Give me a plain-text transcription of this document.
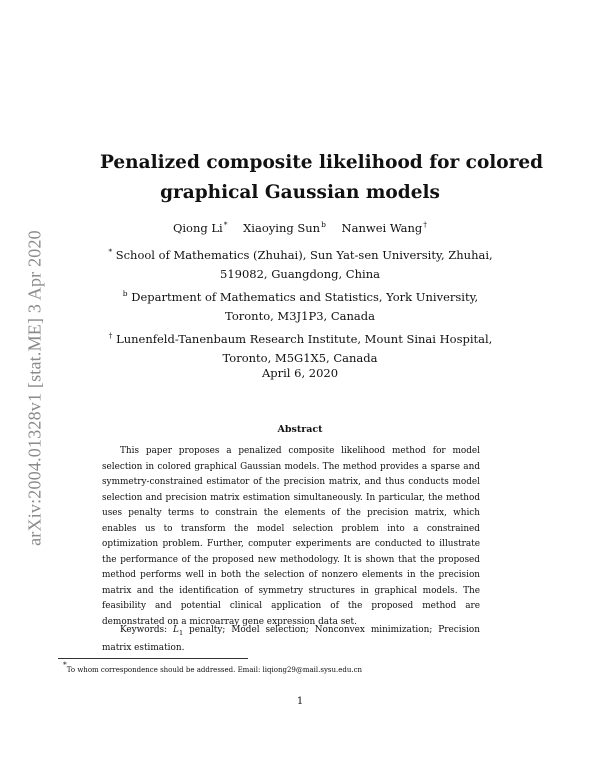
arXiv:2004.01328v1 [stat.ME] 3 Apr 2020
Penalized composite likelihood for colored
graphical Gaussian models
Qiong Li* Xiaoying Sun$^b$ Nanwei Wang†
* School of Mathematics (Zhuhai), Sun Yat-sen University, Zhuhai,
519082, Guangdong, China
$^b$ Department of Mathematics and Statistics, York University,
Toronto, M3J1P3, Canada
† Lunenfeld-Tanenbaum Research Institute, Mount Sinai Hospital,
Toronto, M5G1X5, Canada
April 6, 2020
Abstract

This paper proposes a penalized composite likelihood method for model selection in colored graphical Gaussian models. The method provides a sparse and symmetry-constrained estimator of the precision matrix, and thus conducts model selection and precision matrix estimation simultaneously. In particular, the method uses penalty terms to constrain the elements of the precision matrix, which enables us to transform the model selection problem into a constrained optimization problem. Further, computer experiments are conducted to illustrate the performance of the proposed new methodology. It is shown that the proposed method performs well in both the selection of nonzero elements in the precision matrix and the identification of symmetry structures in graphical models. The feasibility and potential clinical application of the proposed method are demonstrated on a microarray gene expression data set.

Keywords: $L_1$ penalty; Model selection; Nonconvex minimization; Precision matrix estimation.

*To whom correspondence should be addressed. Email: liqiong29@mail.sysu.edu.cn
1
